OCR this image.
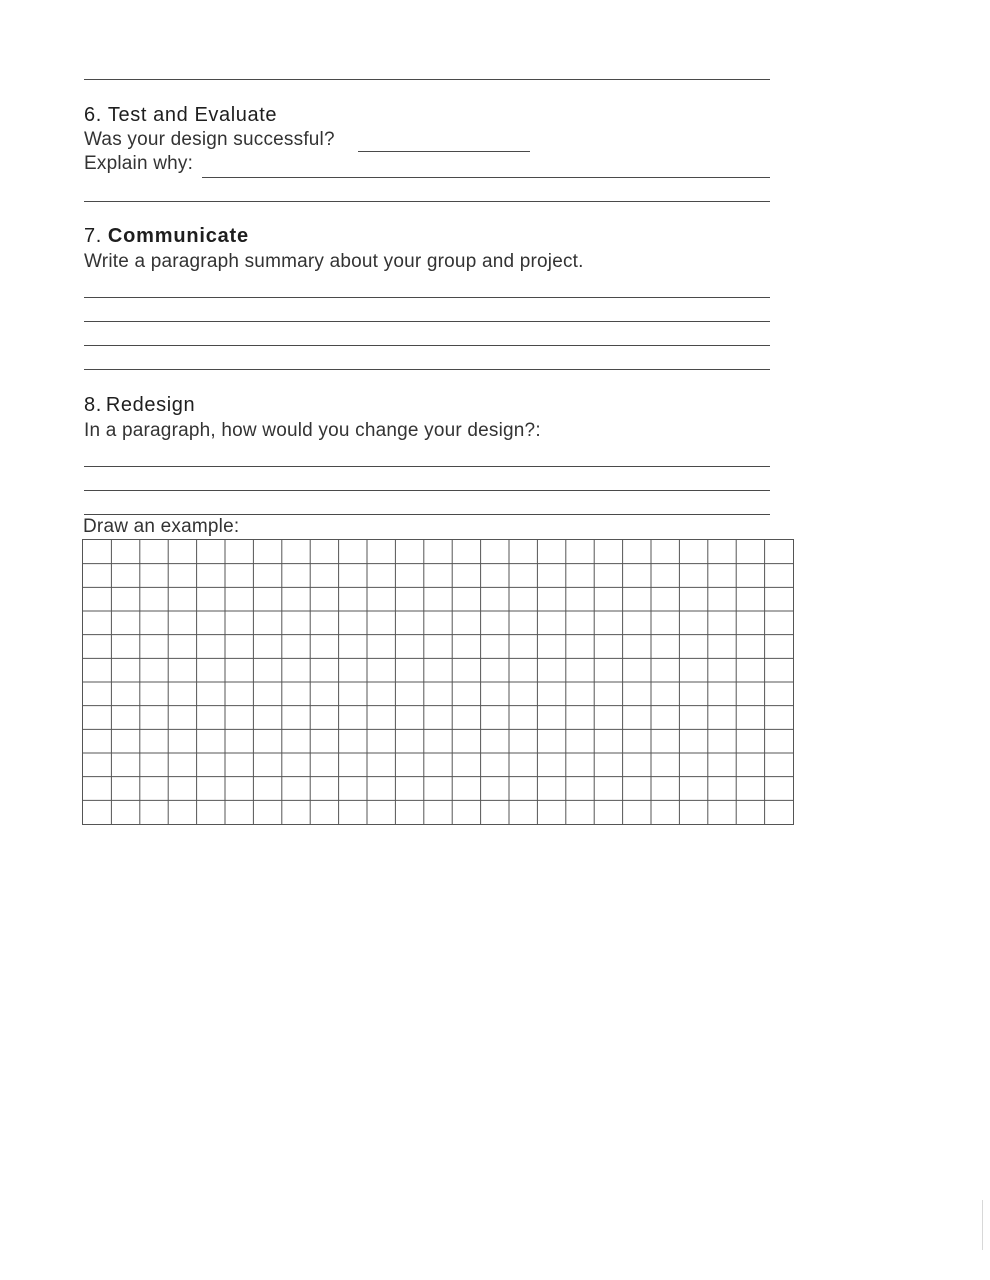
6. Test and Evaluate
Was your design successful?
Explain why:
7. Communicate
Write a paragraph summary about your group and project.
8. Redesign
In a paragraph, how would you change your design?:
Draw an example:
